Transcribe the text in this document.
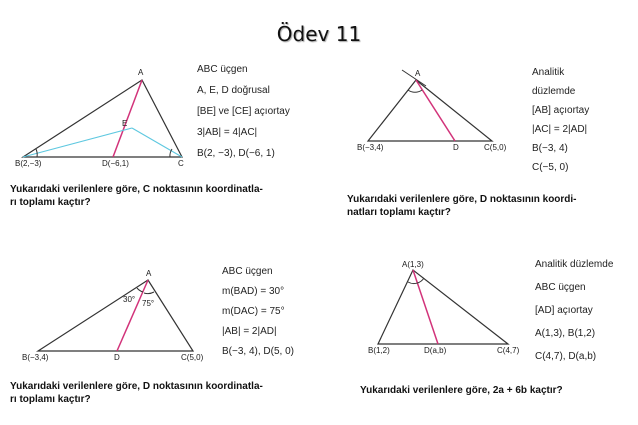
Ödev 11
A
E
B(2,−3)	D(−6,1)	C
ABC üçgen
A, E, D doğrusal
[BE] ve [CE] açıortay
3|AB| = 4|AC|
B(2, −3), D(−6, 1)
Yukarıdaki verilenlere göre, C noktasının koordinatla-
rı toplamı kaçtır?
A
B(−3,4)	D	C(5,0)
Analitik
düzlemde
[AB] açıortay
|AC| = 2|AD|
B(−3, 4)
C(−5, 0)
Yukarıdaki verilenlere göre, D noktasının koordi-
natları toplamı kaçtır?
A
30° 75°
B(−3,4)	D	C(5,0)
ABC üçgen
m(BAD) = 30°
m(DAC) = 75°
|AB| = 2|AD|
B(−3, 4), D(5, 0)
Yukarıdaki verilenlere göre, D noktasının koordinatla-
rı toplamı kaçtır?
A(1,3)
B(1,2)	D(a,b)	C(4,7)
Analitik düzlemde
ABC üçgen
[AD] açıortay
A(1,3), B(1,2)
C(4,7), D(a,b)
Yukarıdaki verilenlere göre, 2a + 6b kaçtır?
